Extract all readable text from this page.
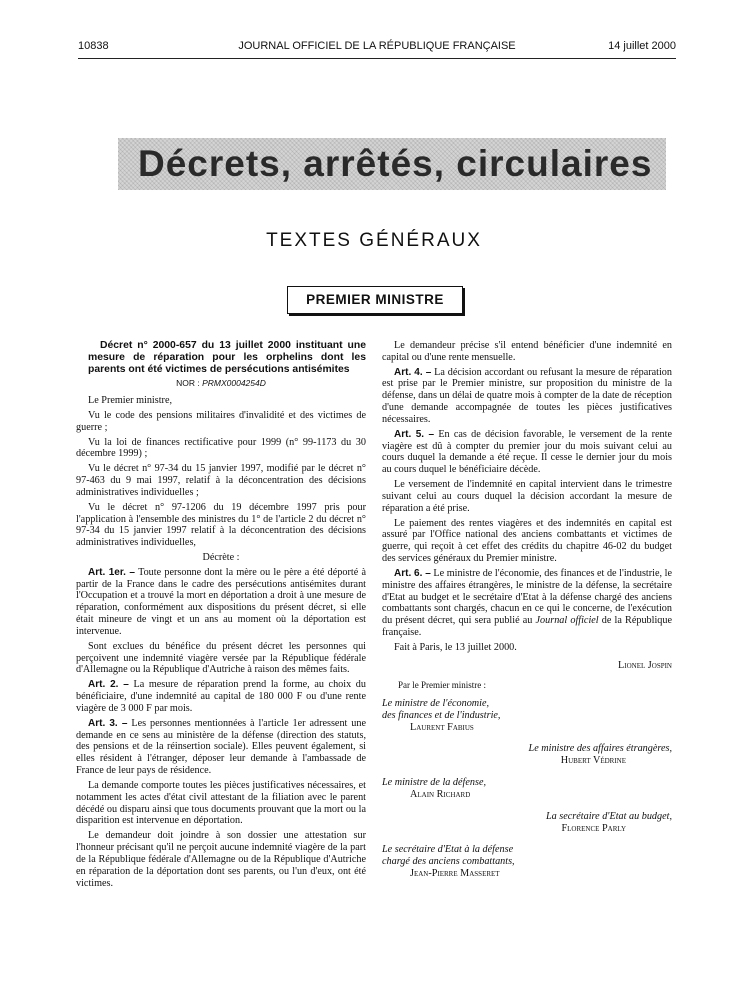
10838	JOURNAL OFFICIEL DE LA RÉPUBLIQUE FRANÇAISE	14 juillet 2000
Décrets, arrêtés, circulaires
TEXTES GÉNÉRAUX
PREMIER MINISTRE

Décret n° 2000-657 du 13 juillet 2000 instituant une mesure de réparation pour les orphelins dont les parents ont été victimes de persécutions antisémites

NOR : PRMX0004254D

Le Premier ministre,

Vu le code des pensions militaires d'invalidité et des victimes de guerre ;

Vu la loi de finances rectificative pour 1999 (n° 99-1173 du 30 décembre 1999) ;

Vu le décret n° 97-34 du 15 janvier 1997, modifié par le décret n° 97-463 du 9 mai 1997, relatif à la déconcentration des décisions administratives individuelles ;

Vu le décret n° 97-1206 du 19 décembre 1997 pris pour l'application à l'ensemble des ministres du 1° de l'article 2 du décret n° 97-34 du 15 janvier 1997 relatif à la déconcentration des décisions administratives individuelles,

Décrète :

Art. 1er. – Toute personne dont la mère ou le père a été déporté à partir de la France dans le cadre des persécutions antisémites durant l'Occupation et a trouvé la mort en déportation a droit à une mesure de réparation, conformément aux dispositions du présent décret, si elle était mineure de vingt et un ans au moment où la déportation est intervenue.

Sont exclues du bénéfice du présent décret les personnes qui perçoivent une indemnité viagère versée par la République fédérale d'Allemagne ou la République d'Autriche à raison des mêmes faits.

Art. 2. – La mesure de réparation prend la forme, au choix du bénéficiaire, d'une indemnité au capital de 180 000 F ou d'une rente viagère de 3 000 F par mois.

Art. 3. – Les personnes mentionnées à l'article 1er adressent une demande en ce sens au ministère de la défense (direction des statuts, des pensions et de la réinsertion sociale). Elles peuvent également, si elles résident à l'étranger, déposer leur demande à l'ambassade de France de leur pays de résidence.

La demande comporte toutes les pièces justificatives nécessaires, et notamment les actes d'état civil attestant de la filiation avec le parent décédé ou disparu ainsi que tous documents prouvant que la mort ou la disparition est intervenue en déportation.

Le demandeur doit joindre à son dossier une attestation sur l'honneur précisant qu'il ne perçoit aucune indemnité viagère de la part de la République fédérale d'Allemagne ou de la République d'Autriche en réparation de la déportation dont ses parents, ou l'un d'eux, ont été victimes.

Le demandeur précise s'il entend bénéficier d'une indemnité en capital ou d'une rente mensuelle.

Art. 4. – La décision accordant ou refusant la mesure de réparation est prise par le Premier ministre, sur proposition du ministre de la défense, dans un délai de quatre mois à compter de la date de réception d'une demande accompagnée de toutes les pièces justificatives nécessaires.

Art. 5. – En cas de décision favorable, le versement de la rente viagère est dû à compter du premier jour du mois suivant celui au cours duquel la demande a été reçue. Il cesse le dernier jour du mois au cours duquel le bénéficiaire décède.

Le versement de l'indemnité en capital intervient dans le trimestre suivant celui au cours duquel la décision accordant la mesure de réparation a été prise.

Le paiement des rentes viagères et des indemnités en capital est assuré par l'Office national des anciens combattants et victimes de guerre, qui reçoit à cet effet des crédits du chapitre 46-02 du budget des services généraux du Premier ministre.

Art. 6. – Le ministre de l'économie, des finances et de l'industrie, le ministre des affaires étrangères, le ministre de la défense, la secrétaire d'Etat au budget et le secrétaire d'Etat à la défense chargé des anciens combattants sont chargés, chacun en ce qui le concerne, de l'exécution du présent décret, qui sera publié au Journal officiel de la République française.

Fait à Paris, le 13 juillet 2000.

Lionel Jospin

Par le Premier ministre :
Le ministre de l'économie,
des finances et de l'industrie,
Laurent Fabius
Le ministre des affaires étrangères,
Hubert Védrine
Le ministre de la défense,
Alain Richard
La secrétaire d'Etat au budget,
Florence Parly
Le secrétaire d'Etat à la défense
chargé des anciens combattants,
Jean-Pierre Masseret
